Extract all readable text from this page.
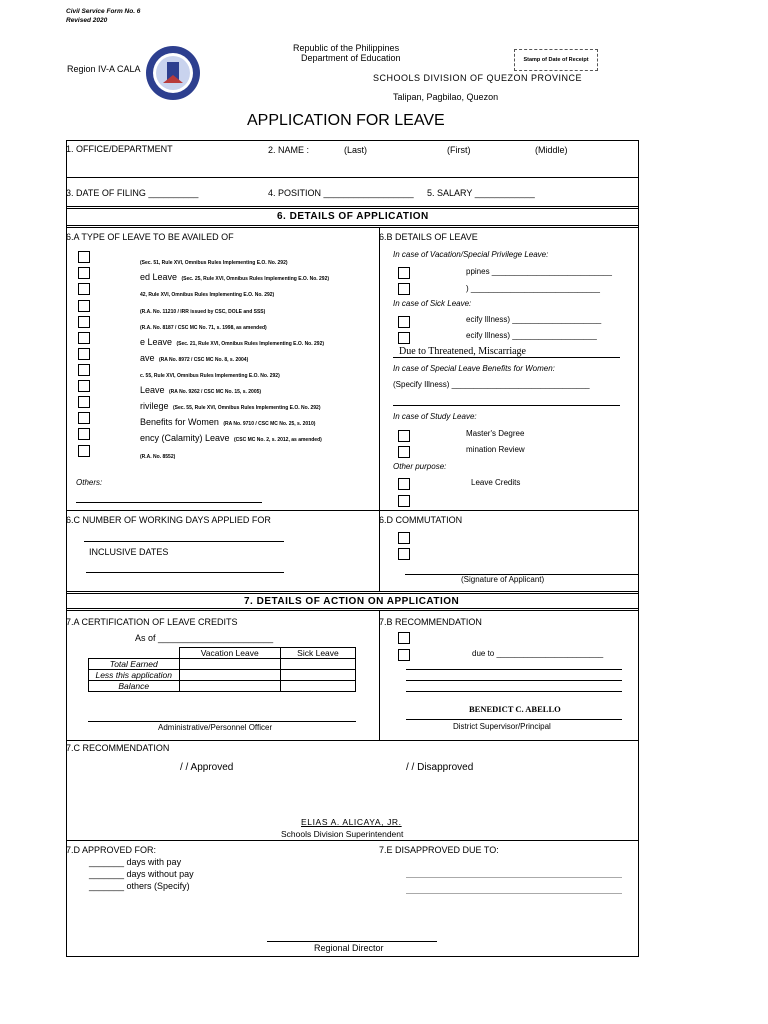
Civil Service Form No. 6
Revised 2020
Republic of the Philippines
Department of Education
Region IV-A CALA
Stamp of Date of Receipt
SCHOOLS DIVISION OF QUEZON PROVINCE
Talipan, Pagbilao, Quezon
APPLICATION FOR LEAVE
1. OFFICE/DEPARTMENT	2. NAME :	(Last)	(First)	(Middle)
3. DATE OF FILING __________	4. POSITION __________________ 5. SALARY ____________
6. DETAILS OF APPLICATION
6.A TYPE OF LEAVE TO BE AVAILED OF	6.B DETAILS OF LEAVE
(Sec. 51, Rule XVI, Omnibus Rules Implementing E.O. No. 292)
ed Leave (Sec. 25, Rule XVI, Omnibus Rules Implementing E.O. No. 292)
42, Rule XVI, Omnibus Rules Implementing E.O. No. 292)
(R.A. No. 11210 / IRR issued by CSC, DOLE and SSS)
(R.A. No. 8187 / CSC MC No. 71, s. 1998, as amended)
e Leave (Sec. 21, Rule XVI, Omnibus Rules Implementing E.O. No. 292)
ave (RA No. 8972 / CSC MC No. 8, s. 2004)
c. 55, Rule XVI, Omnibus Rules Implementing E.O. No. 292)
Leave (RA No. 9262 / CSC MC No. 15, s. 2005)
rivilege (Sec. 55, Rule XVI, Omnibus Rules Implementing E.O. No. 292)
Benefits for Women (RA No. 9710 / CSC MC No. 25, s. 2010)
ency (Calamity) Leave (CSC MC No. 2, s. 2012, as amended)
(R.A. No. 8552)
Others:
In case of Vacation/Special Privilege Leave:
ppines ___________________________
) _____________________________
In case of Sick Leave:
ecify Illness) ____________________
ecify Illness) ___________________
Due to Threatened, Miscarriage
In case of Special Leave Benefits for Women:
(Specify Illness) _______________________________
In case of Study Leave:
Master's Degree
mination Review
Other purpose:
Leave Credits
6.C NUMBER OF WORKING DAYS APPLIED FOR
INCLUSIVE DATES
6.D COMMUTATION
(Signature of Applicant)
7. DETAILS OF ACTION ON APPLICATION
7.A CERTIFICATION OF LEAVE CREDITS
As of _______________________
	Vacation Leave	Sick Leave
Total Earned		
Less this application		
Balance		
Administrative/Personnel Officer
7.B RECOMMENDATION
due to ________________________
BENEDICT C. ABELLO
District Supervisor/Principal
7.C RECOMMENDATION
/ / Approved	/ / Disapproved
ELIAS A. ALICAYA, JR.
Schools Division Superintendent
7.D APPROVED FOR:
_______ days with pay
_______ days without pay
_______ others (Specify)
7.E DISAPPROVED DUE TO:
Regional Director
